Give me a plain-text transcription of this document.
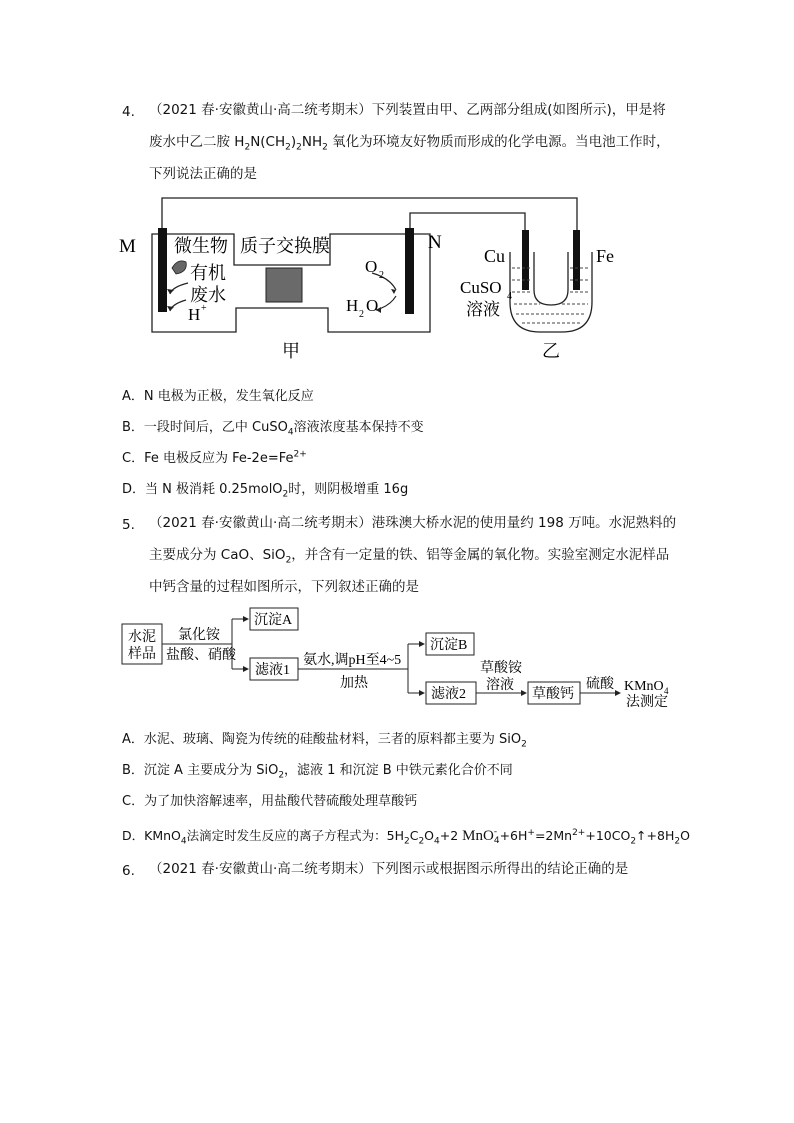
4. （2021 春·安徽黄山·高二统考期末）下列装置由甲、乙两部分组成(如图所示)，甲是将
废水中乙二胺 $H_2N(CH_2)_2NH_2$ 氧化为环境友好物质而形成的化学电源。当电池工作时，
下列说法正确的是
M	N
微生物
有机
废水
H +
质子交换膜
O 2
H 2 O
Cu	Fe
CuSO 4
溶液
甲	乙
A．N 电极为正极，发生氧化反应
B．一段时间后，乙中 CuSO$_4$溶液浓度基本保持不变
C．Fe 电极反应为 $Fe-2e=Fe^{2+}$
D．当 N 极消耗 0.25molO$_2$时，则阴极增重 16g
5. （2021 春·安徽黄山·高二统考期末）港珠澳大桥水泥的使用量约 198 万吨。水泥熟料的
主要成分为 CaO、SiO$_2$，并含有一定量的铁、铝等金属的氧化物。实验室测定水泥样品
中钙含量的过程如图所示，下列叙述正确的是
水泥
样品
氯化铵
盐酸、硝酸
沉淀A
滤液1
氨水,调pH至4~5
加热
沉淀B
滤液2
草酸铵
溶液
草酸钙
硫酸 KMnO 4
法测定
A．水泥、玻璃、陶瓷为传统的硅酸盐材料，三者的原料都主要为 SiO$_2$
B．沉淀 A 主要成分为 SiO$_2$，滤液 1 和沉淀 B 中铁元素化合价不同
C．为了加快溶解速率，用盐酸代替硫酸处理草酸钙
D．KMnO$_4$法滴定时发生反应的离子方程式为：$5H_2C_2O_4+2$ MnO -
$4 +6H^+=2Mn^{2+}+10CO_2↑+8H_2O$
6. （2021 春·安徽黄山·高二统考期末）下列图示或根据图示所得出的结论正确的是
